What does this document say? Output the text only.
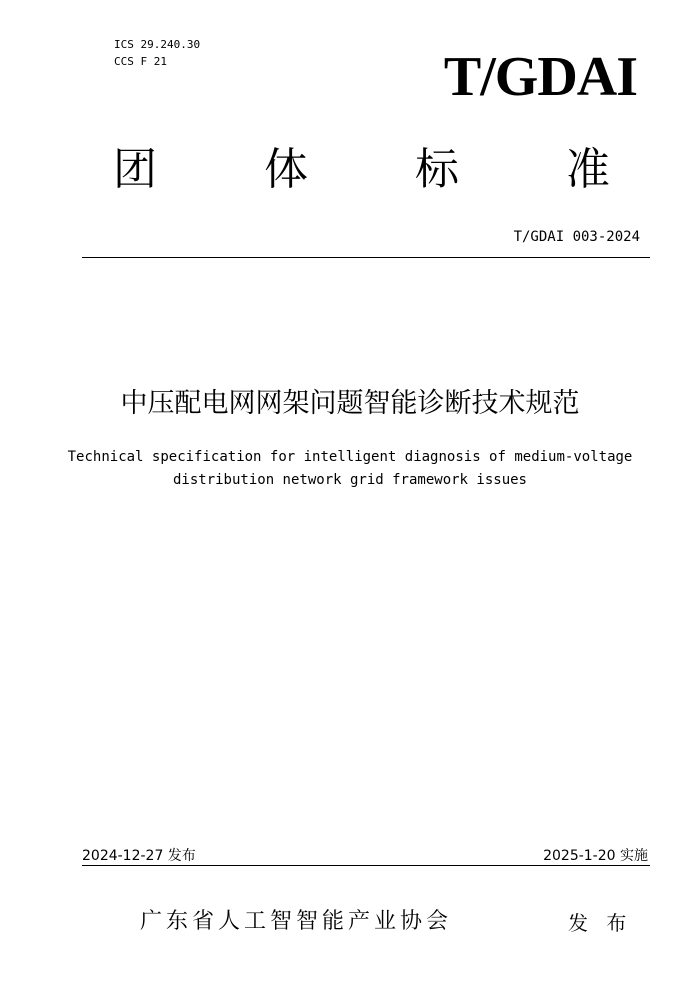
ICS 29.240.30
CCS F 21	T/GDAI
团 体 标 准
T/GDAI 003-2024
中压配电网网架问题智能诊断技术规范
Technical specification for intelligent diagnosis of medium-voltage
distribution network grid framework issues
2024-12-27 发布	2025-1-20 实施
广东省人工智智能产业协会	发 布
